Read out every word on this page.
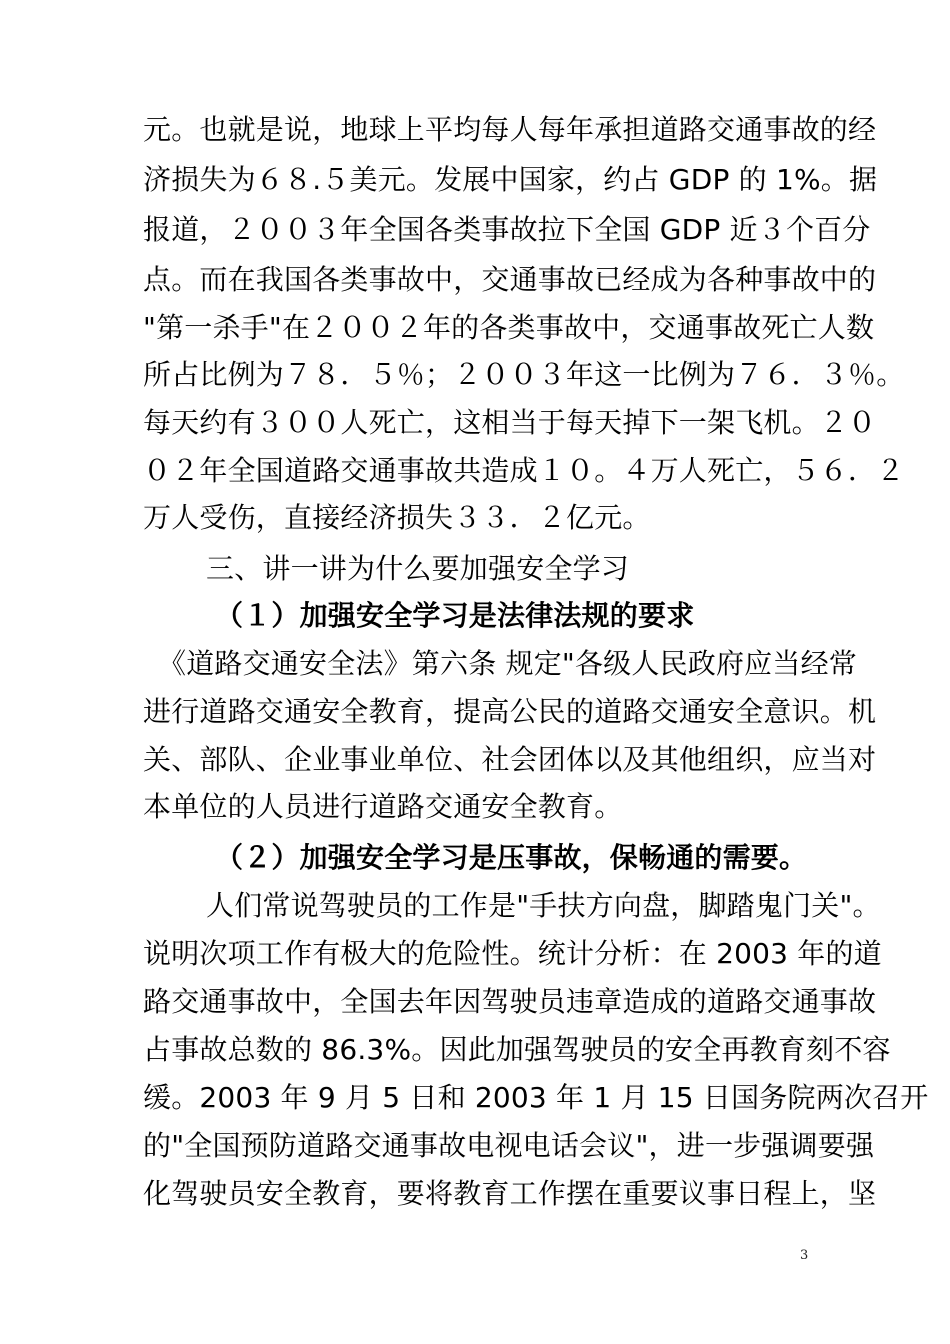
元。也就是说，地球上平均每人每年承担道路交通事故的经
济损失为６８.５美元。发展中国家，约占 GDP 的 1%。据
报道，２００３年全国各类事故拉下全国 GDP 近３个百分
点。而在我国各类事故中，交通事故已经成为各种事故中的
"第一杀手"在２００２年的各类事故中，交通事故死亡人数
所占比例为７８．５％；２００３年这一比例为７６．３％。
每天约有３００人死亡，这相当于每天掉下一架飞机。２０
０２年全国道路交通事故共造成１０。４万人死亡，５６．２
万人受伤，直接经济损失３３．２亿元。
三、讲一讲为什么要加强安全学习
（１）加强安全学习是法律法规的要求
《道路交通安全法》第六条 规定"各级人民政府应当经常
进行道路交通安全教育，提高公民的道路交通安全意识。机
关、部队、企业事业单位、社会团体以及其他组织，应当对
本单位的人员进行道路交通安全教育。
（２）加强安全学习是压事故，保畅通的需要。
人们常说驾驶员的工作是"手扶方向盘，脚踏鬼门关"。
说明次项工作有极大的危险性。统计分析：在 2003 年的道
路交通事故中，全国去年因驾驶员违章造成的道路交通事故
占事故总数的 86.3%。因此加强驾驶员的安全再教育刻不容
缓。2003 年 9 月 5 日和 2003 年 1 月 15 日国务院两次召开
的"全国预防道路交通事故电视电话会议"，进一步强调要强
化驾驶员安全教育，要将教育工作摆在重要议事日程上，坚
3
